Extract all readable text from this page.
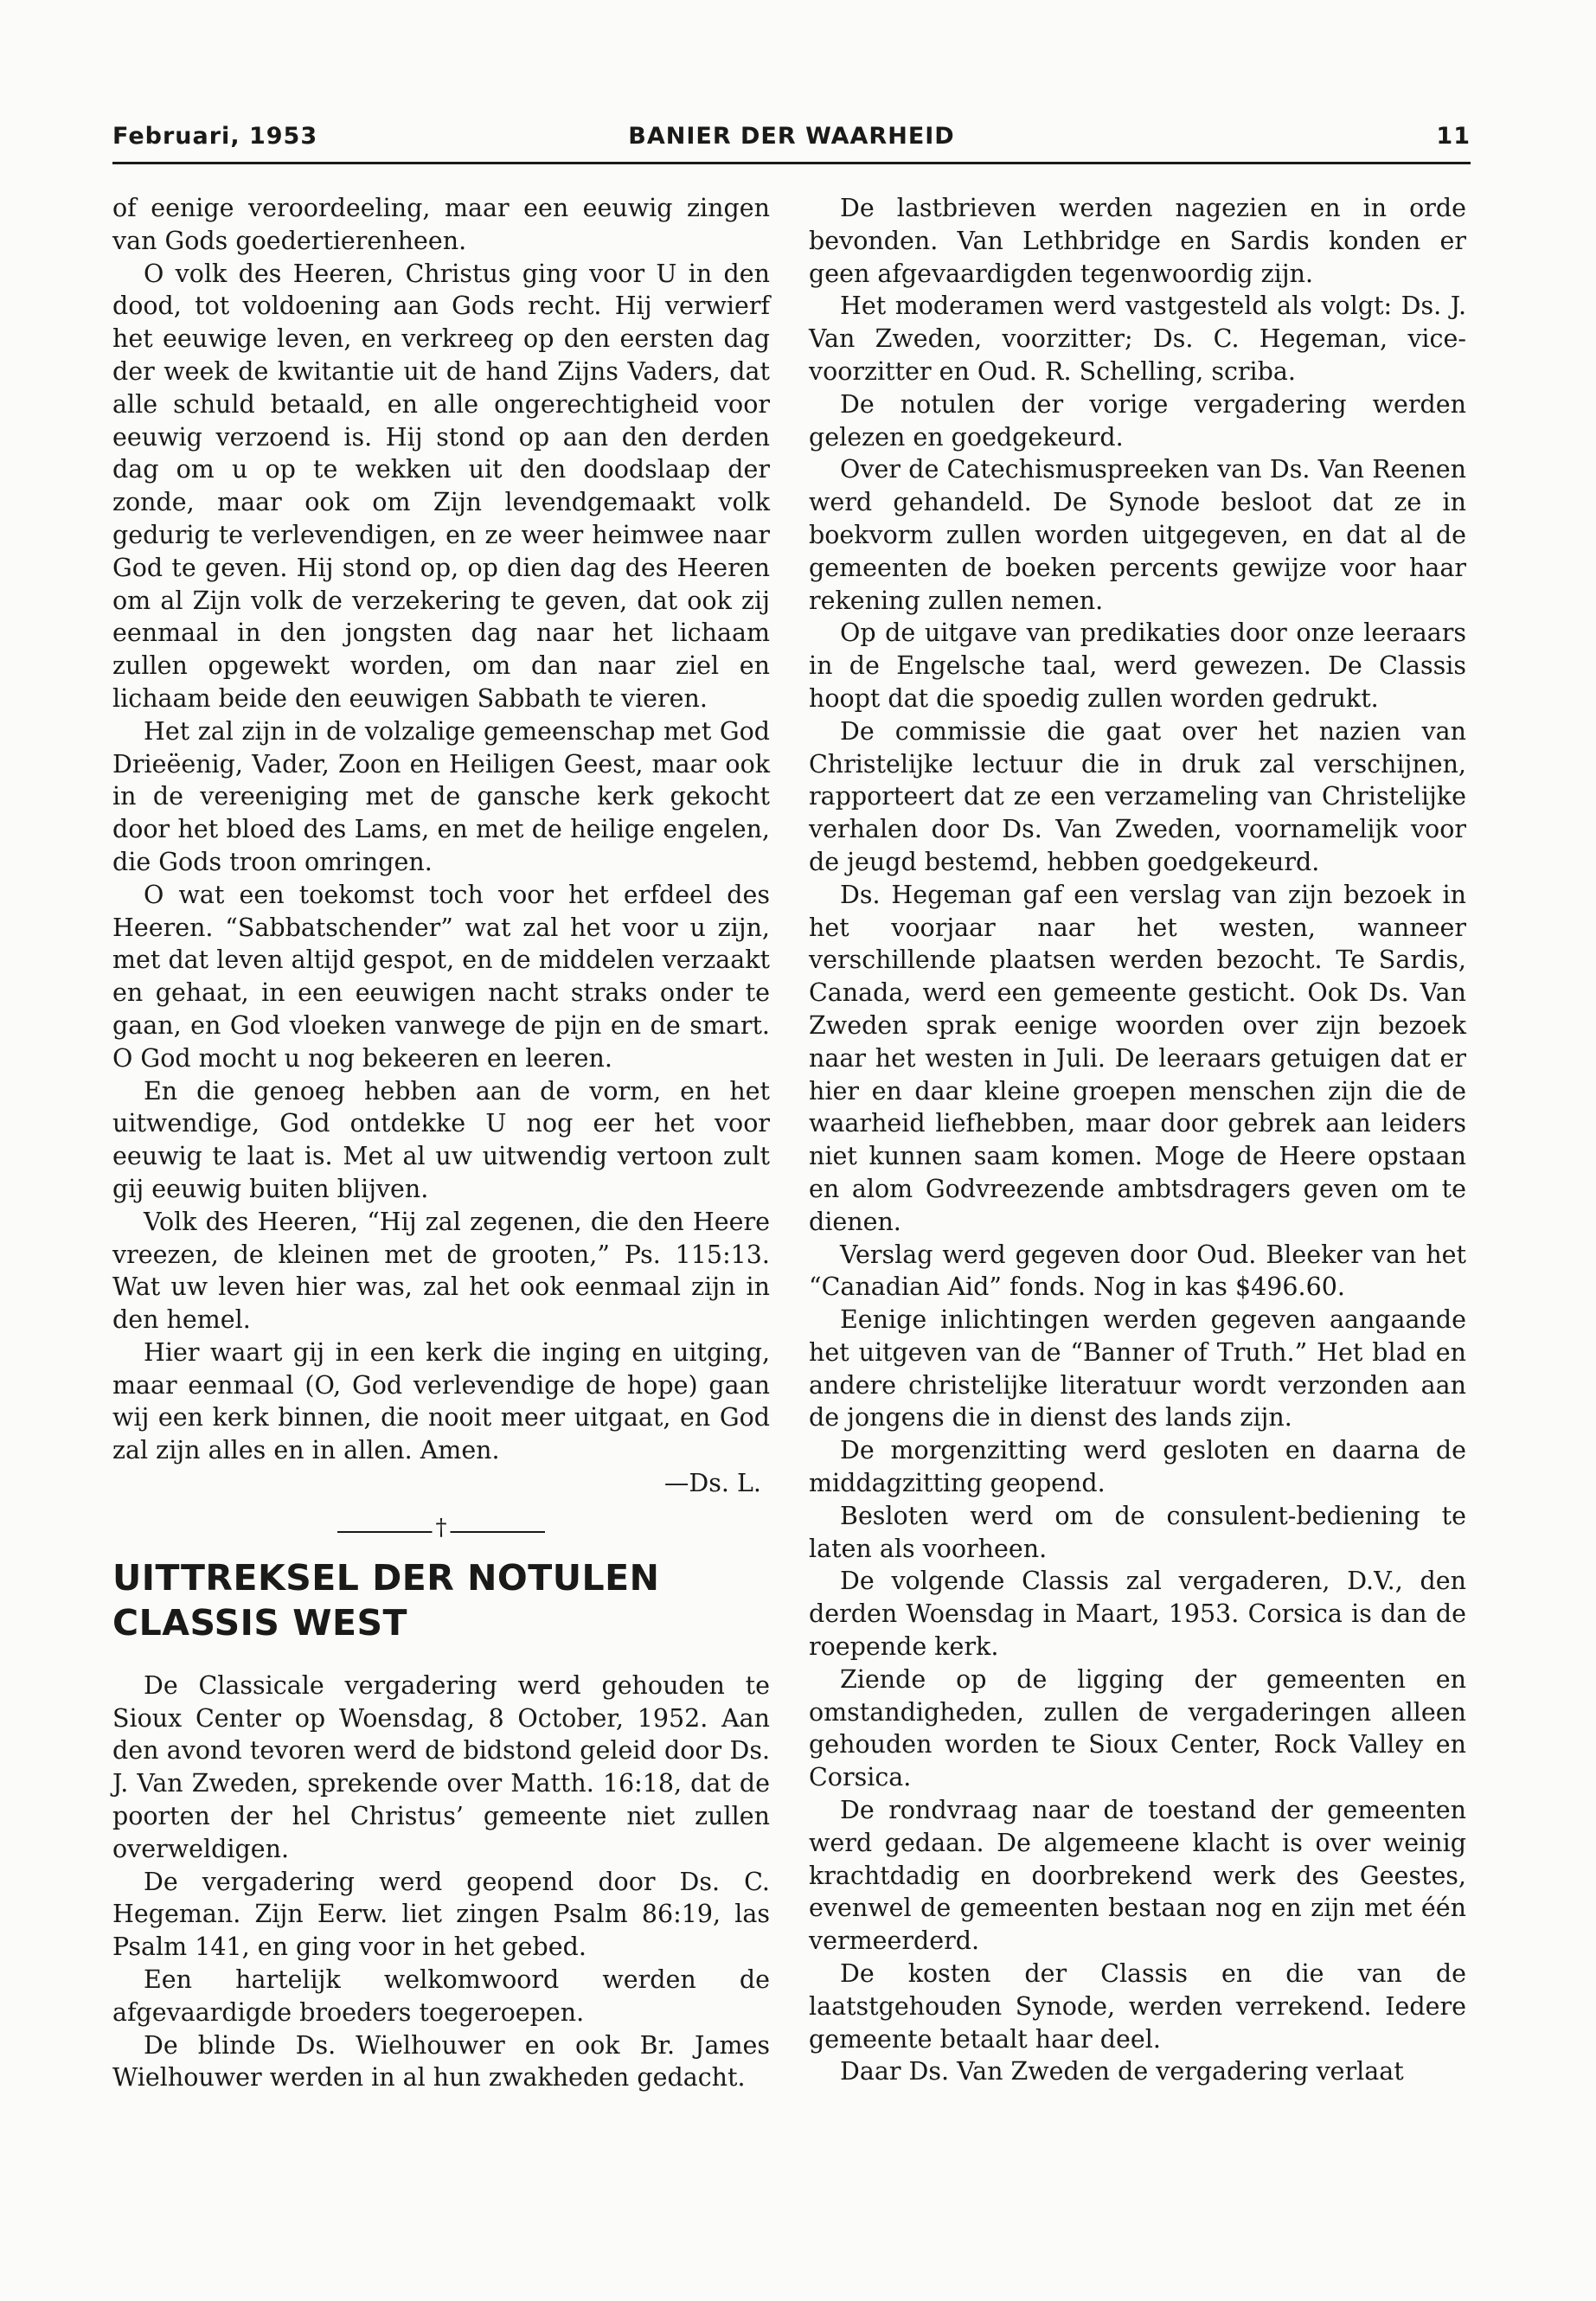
Februari, 1953	BANIER DER WAARHEID	11

of eenige veroordeeling, maar een eeuwig zingen van Gods goedertierenheen.

O volk des Heeren, Christus ging voor U in den dood, tot voldoening aan Gods recht. Hij verwierf het eeuwige leven, en verkreeg op den eersten dag der week de kwitantie uit de hand Zijns Vaders, dat alle schuld betaald, en alle ongerechtigheid voor eeuwig verzoend is. Hij stond op aan den derden dag om u op te wekken uit den doodslaap der zonde, maar ook om Zijn levendgemaakt volk gedurig te verlevendigen, en ze weer heimwee naar God te geven. Hij stond op, op dien dag des Heeren om al Zijn volk de verzekering te geven, dat ook zij eenmaal in den jongsten dag naar het lichaam zullen opgewekt worden, om dan naar ziel en lichaam beide den eeuwigen Sabbath te vieren.

Het zal zijn in de volzalige gemeenschap met God Drieëenig, Vader, Zoon en Heiligen Geest, maar ook in de vereeniging met de gansche kerk gekocht door het bloed des Lams, en met de heilige engelen, die Gods troon omringen.

O wat een toekomst toch voor het erfdeel des Heeren. “Sabbatschender” wat zal het voor u zijn, met dat leven altijd gespot, en de middelen verzaakt en gehaat, in een eeuwigen nacht straks onder te gaan, en God vloeken vanwege de pijn en de smart. O God mocht u nog bekeeren en leeren.

En die genoeg hebben aan de vorm, en het uitwendige, God ontdekke U nog eer het voor eeuwig te laat is. Met al uw uitwendig vertoon zult gij eeuwig buiten blijven.

Volk des Heeren, “Hij zal zegenen, die den Heere vreezen, de kleinen met de grooten,” Ps. 115:13. Wat uw leven hier was, zal het ook eenmaal zijn in den hemel.

Hier waart gij in een kerk die inging en uitging, maar eenmaal (O, God verlevendige de hope) gaan wij een kerk binnen, die nooit meer uitgaat, en God zal zijn alles en in allen. Amen.

—Ds. L.

†
UITTREKSEL DER NOTULEN
CLASSIS WEST

De Classicale vergadering werd gehouden te Sioux Center op Woensdag, 8 October, 1952. Aan den avond tevoren werd de bidstond geleid door Ds. J. Van Zweden, sprekende over Matth. 16:18, dat de poorten der hel Christus’ gemeente niet zullen overweldigen.

De vergadering werd geopend door Ds. C. Hegeman. Zijn Eerw. liet zingen Psalm 86:19, las Psalm 141, en ging voor in het gebed.

Een hartelijk welkomwoord werden de afgevaardigde broeders toegeroepen.

De blinde Ds. Wielhouwer en ook Br. James Wielhouwer werden in al hun zwakheden gedacht.

De lastbrieven werden nagezien en in orde bevonden. Van Lethbridge en Sardis konden er geen afgevaardigden tegenwoordig zijn.

Het moderamen werd vastgesteld als volgt: Ds. J. Van Zweden, voorzitter; Ds. C. Hegeman, vice-voorzitter en Oud. R. Schelling, scriba.

De notulen der vorige vergadering werden gelezen en goedgekeurd.

Over de Catechismuspreeken van Ds. Van Reenen werd gehandeld. De Synode besloot dat ze in boekvorm zullen worden uitgegeven, en dat al de gemeenten de boeken percents gewijze voor haar rekening zullen nemen.

Op de uitgave van predikaties door onze leeraars in de Engelsche taal, werd gewezen. De Classis hoopt dat die spoedig zullen worden gedrukt.

De commissie die gaat over het nazien van Christelijke lectuur die in druk zal verschijnen, rapporteert dat ze een verzameling van Christelijke verhalen door Ds. Van Zweden, voornamelijk voor de jeugd bestemd, hebben goedgekeurd.

Ds. Hegeman gaf een verslag van zijn bezoek in het voorjaar naar het westen, wanneer verschillende plaatsen werden bezocht. Te Sardis, Canada, werd een gemeente gesticht. Ook Ds. Van Zweden sprak eenige woorden over zijn bezoek naar het westen in Juli. De leeraars getuigen dat er hier en daar kleine groepen menschen zijn die de waarheid liefhebben, maar door gebrek aan leiders niet kunnen saam komen. Moge de Heere opstaan en alom Godvreezende ambtsdragers geven om te dienen.

Verslag werd gegeven door Oud. Bleeker van het “Canadian Aid” fonds. Nog in kas $496.60.

Eenige inlichtingen werden gegeven aangaande het uitgeven van de “Banner of Truth.” Het blad en andere christelijke literatuur wordt verzonden aan de jongens die in dienst des lands zijn.

De morgenzitting werd gesloten en daarna de middagzitting geopend.

Besloten werd om de consulent-bediening te laten als voorheen.

De volgende Classis zal vergaderen, D.V., den derden Woensdag in Maart, 1953. Corsica is dan de roepende kerk.

Ziende op de ligging der gemeenten en omstandigheden, zullen de vergaderingen alleen gehouden worden te Sioux Center, Rock Valley en Corsica.

De rondvraag naar de toestand der gemeenten werd gedaan. De algemeene klacht is over weinig krachtdadig en doorbrekend werk des Geestes, evenwel de gemeenten bestaan nog en zijn met één vermeerderd.

De kosten der Classis en die van de laatstgehouden Synode, werden verrekend. Iedere gemeente betaalt haar deel.

Daar Ds. Van Zweden de vergadering verlaat
